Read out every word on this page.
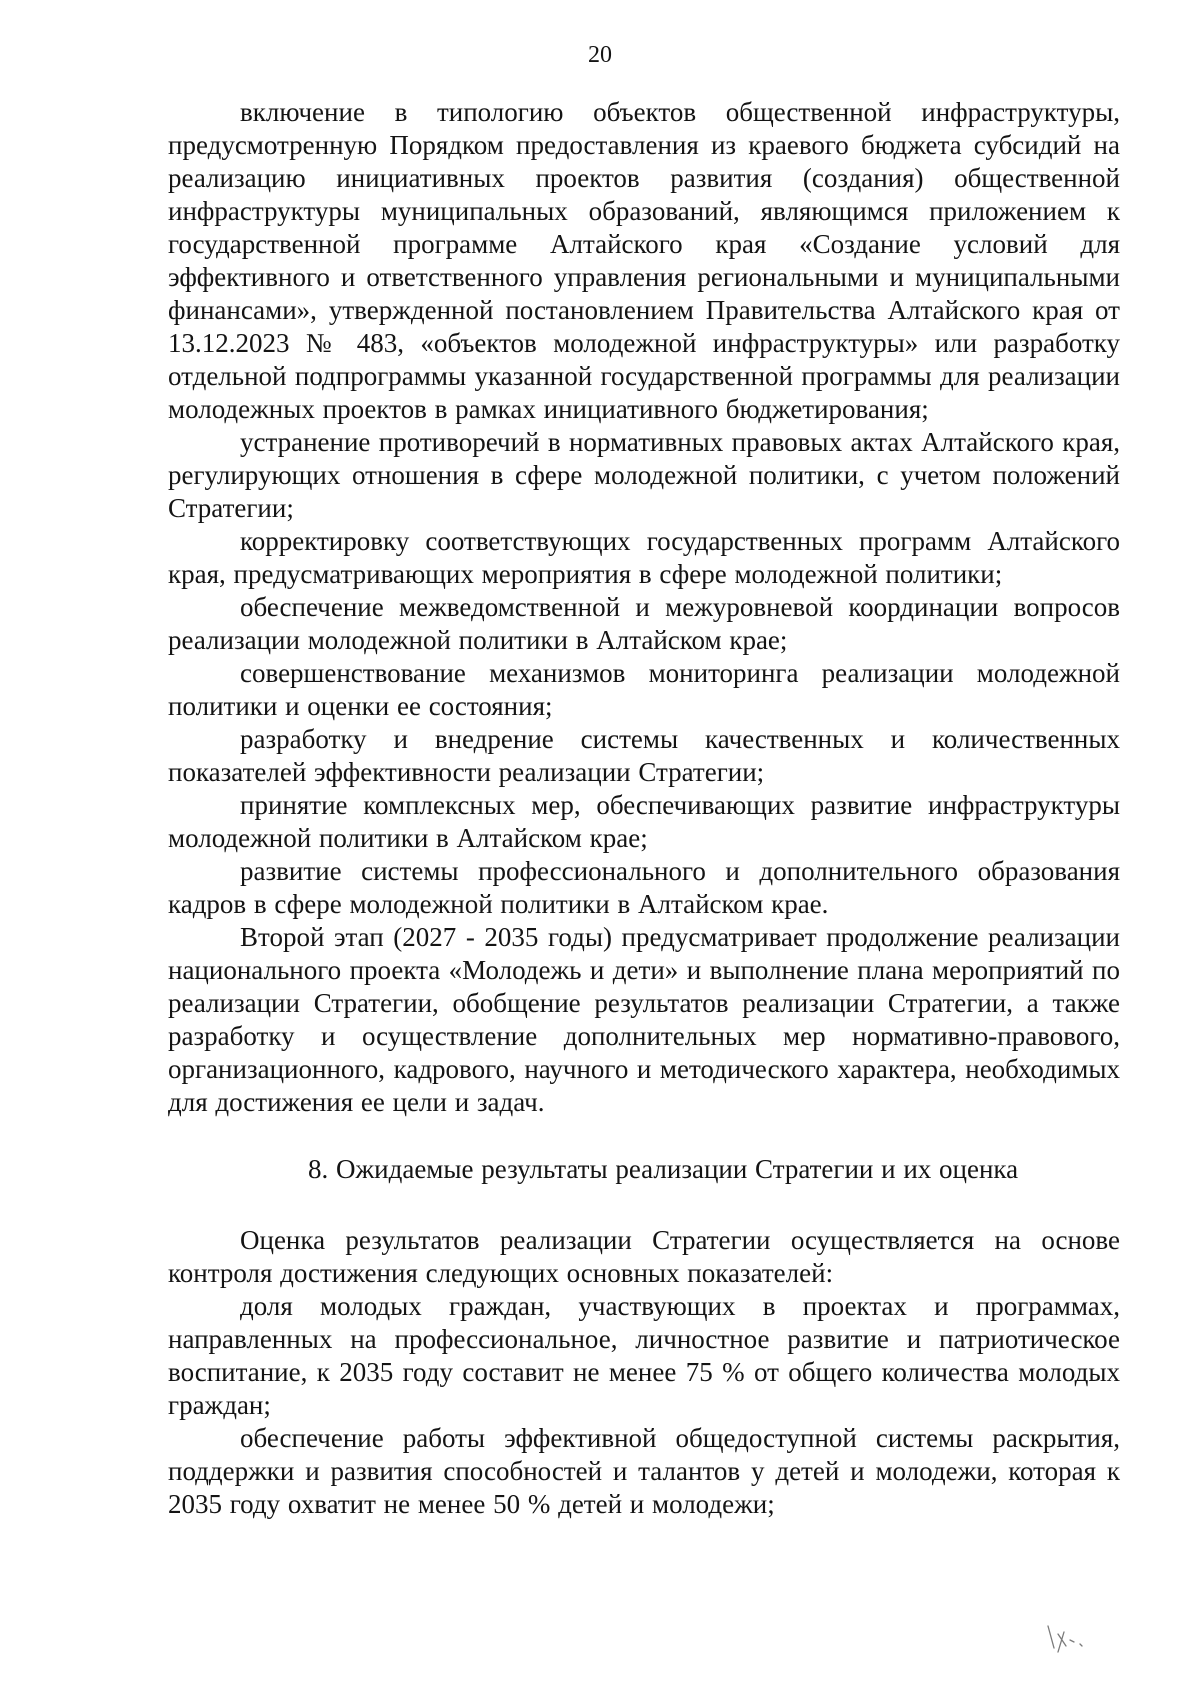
20

включение в типологию объектов общественной инфраструктуры, предусмотренную Порядком предоставления из краевого бюджета субсидий на реализацию инициативных проектов развития (создания) общественной инфраструктуры муниципальных образований, являющимся приложением к государственной программе Алтайского края «Создание условий для эффективного и ответственного управления региональными и муниципальными финансами», утвержденной постановлением Правительства Алтайского края от 13.12.2023 № 483, «объектов молодежной инфраструктуры» или разработку отдельной подпрограммы указанной государственной программы для реализации молодежных проектов в рамках инициативного бюджетирования;

устранение противоречий в нормативных правовых актах Алтайского края, регулирующих отношения в сфере молодежной политики, с учетом положений Стратегии;

корректировку соответствующих государственных программ Алтайского края, предусматривающих мероприятия в сфере молодежной политики;

обеспечение межведомственной и межуровневой координации вопросов реализации молодежной политики в Алтайском крае;

совершенствование механизмов мониторинга реализации молодежной политики и оценки ее состояния;

разработку и внедрение системы качественных и количественных показателей эффективности реализации Стратегии;

принятие комплексных мер, обеспечивающих развитие инфраструктуры молодежной политики в Алтайском крае;

развитие системы профессионального и дополнительного образования кадров в сфере молодежной политики в Алтайском крае.

Второй этап (2027 - 2035 годы) предусматривает продолжение реализации национального проекта «Молодежь и дети» и выполнение плана мероприятий по реализации Стратегии, обобщение результатов реализации Стратегии, а также разработку и осуществление дополнительных мер нормативно-правового, организационного, кадрового, научного и методического характера, необходимых для достижения ее цели и задач.

8. Ожидаемые результаты реализации Стратегии и их оценка

Оценка результатов реализации Стратегии осуществляется на основе контроля достижения следующих основных показателей:

доля молодых граждан, участвующих в проектах и программах, направленных на профессиональное, личностное развитие и патриотическое воспитание, к 2035 году составит не менее 75 % от общего количества молодых граждан;

обеспечение работы эффективной общедоступной системы раскрытия, поддержки и развития способностей и талантов у детей и молодежи, которая к 2035 году охватит не менее 50 % детей и молодежи;
